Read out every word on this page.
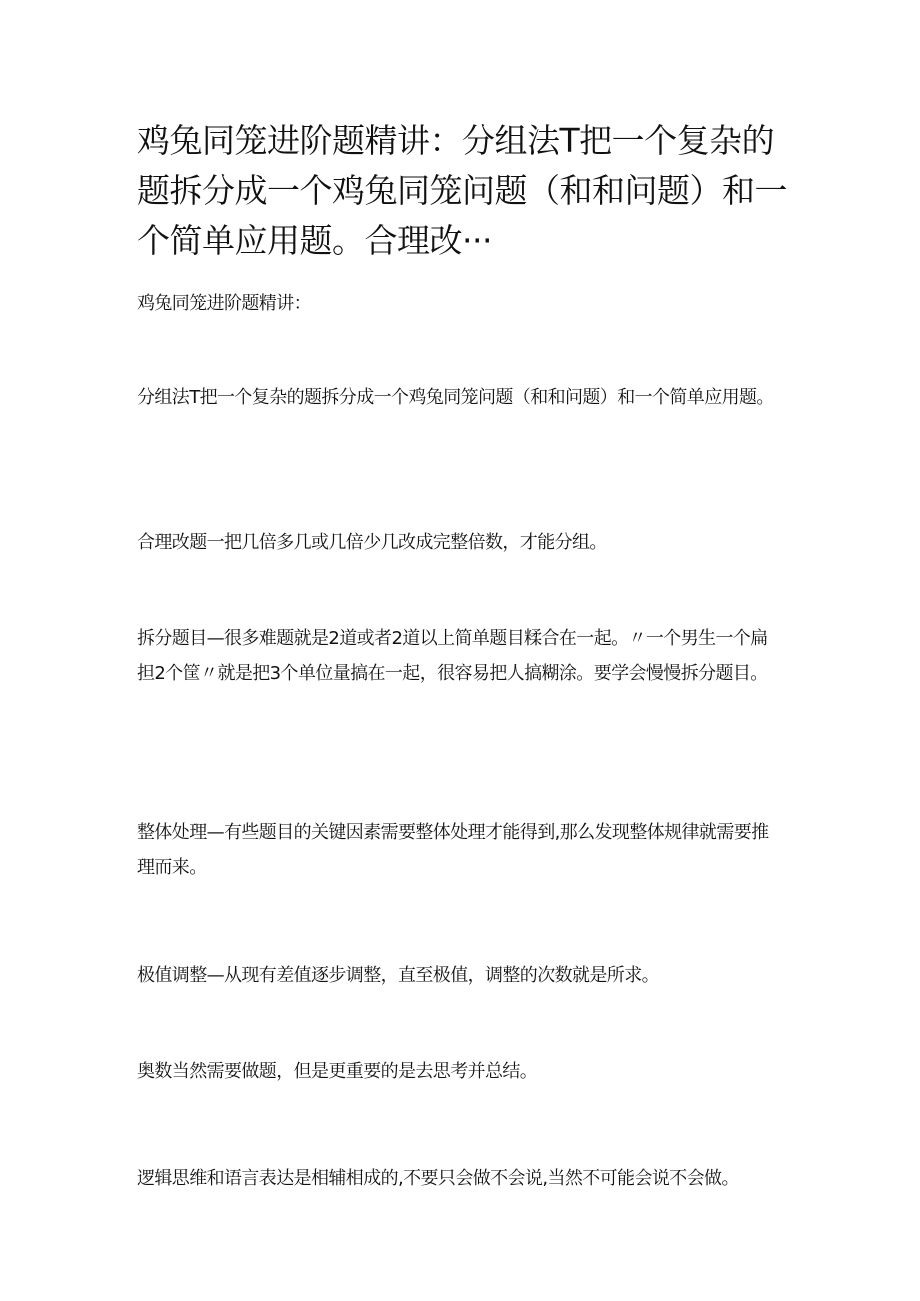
鸡兔同笼进阶题精讲：分组法T把一个复杂的题拆分成一个鸡兔同笼问题（和和问题）和一个简单应用题。合理改···

鸡兔同笼进阶题精讲：

分组法T把一个复杂的题拆分成一个鸡兔同笼问题（和和问题）和一个简单应用题。

合理改题一把几倍多几或几倍少几改成完整倍数，才能分组。

拆分题目—很多难题就是2道或者2道以上简单题目糅合在一起。〃一个男生一个扁担2个筐〃就是把3个单位量搞在一起，很容易把人搞糊涂。要学会慢慢拆分题目。

整体处理—有些题目的关键因素需要整体处理才能得到,那么发现整体规律就需要推理而来。

极值调整—从现有差值逐步调整，直至极值，调整的次数就是所求。

奥数当然需要做题，但是更重要的是去思考并总结。

逻辑思维和语言表达是相辅相成的,不要只会做不会说,当然不可能会说不会做。
